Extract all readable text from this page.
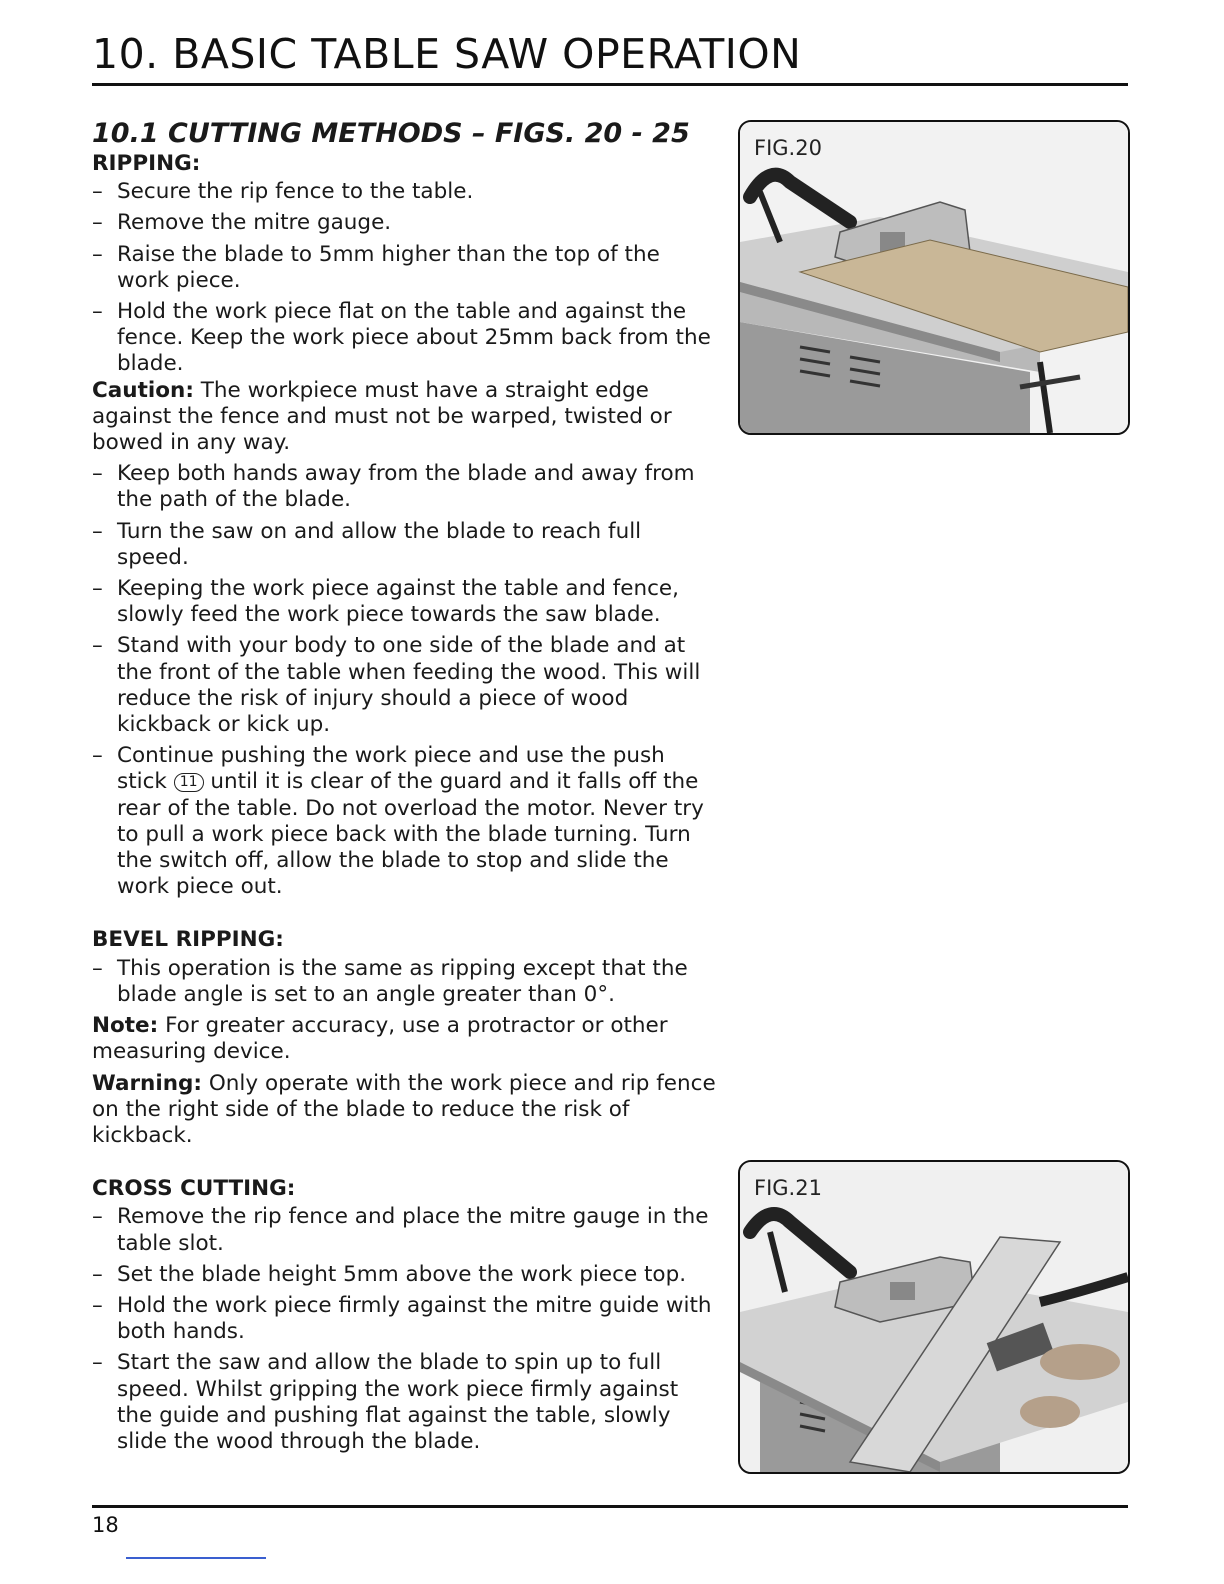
10. BASIC TABLE SAW OPERATION
10.1 CUTTING METHODS – FIGS. 20 - 25

RIPPING:

– Secure the rip fence to the table.
– Remove the mitre gauge.
– Raise the blade to 5mm higher than the top of the work piece.
– Hold the work piece flat on the table and against the fence. Keep the work piece about 25mm back from the blade.

Caution: The workpiece must have a straight edge against the fence and must not be warped, twisted or bowed in any way.

– Keep both hands away from the blade and away from the path of the blade.
– Turn the saw on and allow the blade to reach full speed.
– Keeping the work piece against the table and fence, slowly feed the work piece towards the saw blade.
– Stand with your body to one side of the blade and at the front of the table when feeding the wood. This will reduce the risk of injury should a piece of wood kickback or kick up.
– Continue pushing the work piece and use the push stick 11 until it is clear of the guard and it falls off the rear of the table. Do not overload the motor. Never try to pull a work piece back with the blade turning. Turn the switch off, allow the blade to stop and slide the work piece out.

BEVEL RIPPING:

– This operation is the same as ripping except that the blade angle is set to an angle greater than 0°.

Note: For greater accuracy, use a protractor or other measuring device.

Warning: Only operate with the work piece and rip fence on the right side of the blade to reduce the risk of kickback.

CROSS CUTTING:

– Remove the rip fence and place the mitre gauge in the table slot.
– Set the blade height 5mm above the work piece top.
– Hold the work piece firmly against the mitre guide with both hands.
– Start the saw and allow the blade to spin up to full speed. Whilst gripping the work piece firmly against the guide and pushing flat against the table, slowly slide the wood through the blade.
FIG.20
FIG.21
18
